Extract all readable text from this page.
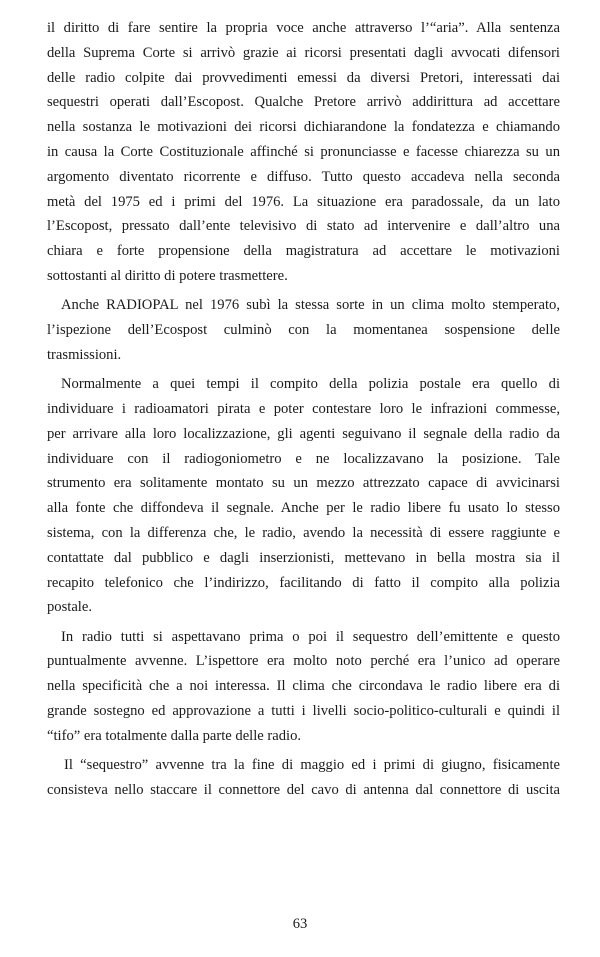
il diritto di fare sentire la propria voce anche attraverso l’“aria”. Alla sentenza
della Suprema Corte si arrivò grazie ai ricorsi presentati dagli avvocati difensori
delle radio colpite dai provvedimenti emessi da diversi Pretori, interessati dai
sequestri operati dall’Escopost. Qualche Pretore arrivò addirittura ad accettare
nella sostanza le motivazioni dei ricorsi dichiarandone la fondatezza e chiamando
in causa la Corte Costituzionale affinché si pronunciasse e facesse chiarezza su un
argomento diventato ricorrente e diffuso. Tutto questo accadeva nella seconda
metà del 1975 ed i primi del 1976. La situazione era paradossale, da un lato
l’Escopost, pressato dall’ente televisivo di stato ad intervenire e dall’altro una
chiara e forte propensione della magistratura ad accettare le motivazioni
sottostanti al diritto di potere trasmettere.
Anche RADIOPAL nel 1976 subì la stessa sorte in un clima molto stemperato,
l’ispezione dell’Ecospost culminò con la momentanea sospensione delle
trasmissioni.
Normalmente a quei tempi il compito della polizia postale era quello di
individuare i radioamatori pirata e poter contestare loro le infrazioni commesse,
per arrivare alla loro localizzazione, gli agenti seguivano il segnale della radio da
individuare con il radiogoniometro e ne localizzavano la posizione. Tale
strumento era solitamente montato su un mezzo attrezzato capace di avvicinarsi
alla fonte che diffondeva il segnale. Anche per le radio libere fu usato lo stesso
sistema, con la differenza che, le radio, avendo la necessità di essere raggiunte e
contattate dal pubblico e dagli inserzionisti, mettevano in bella mostra sia il
recapito telefonico che l’indirizzo, facilitando di fatto il compito alla polizia
postale.
In radio tutti si aspettavano prima o poi il sequestro dell’emittente e questo
puntualmente avvenne. L’ispettore era molto noto perché era l’unico ad operare
nella specificità che a noi interessa. Il clima che circondava le radio libere era di
grande sostegno ed approvazione a tutti i livelli socio-politico-culturali e quindi il
“tifo” era totalmente dalla parte delle radio.
Il “sequestro” avvenne tra la fine di maggio ed i primi di giugno, fisicamente
consisteva nello staccare il connettore del cavo di antenna dal connettore di uscita
63
